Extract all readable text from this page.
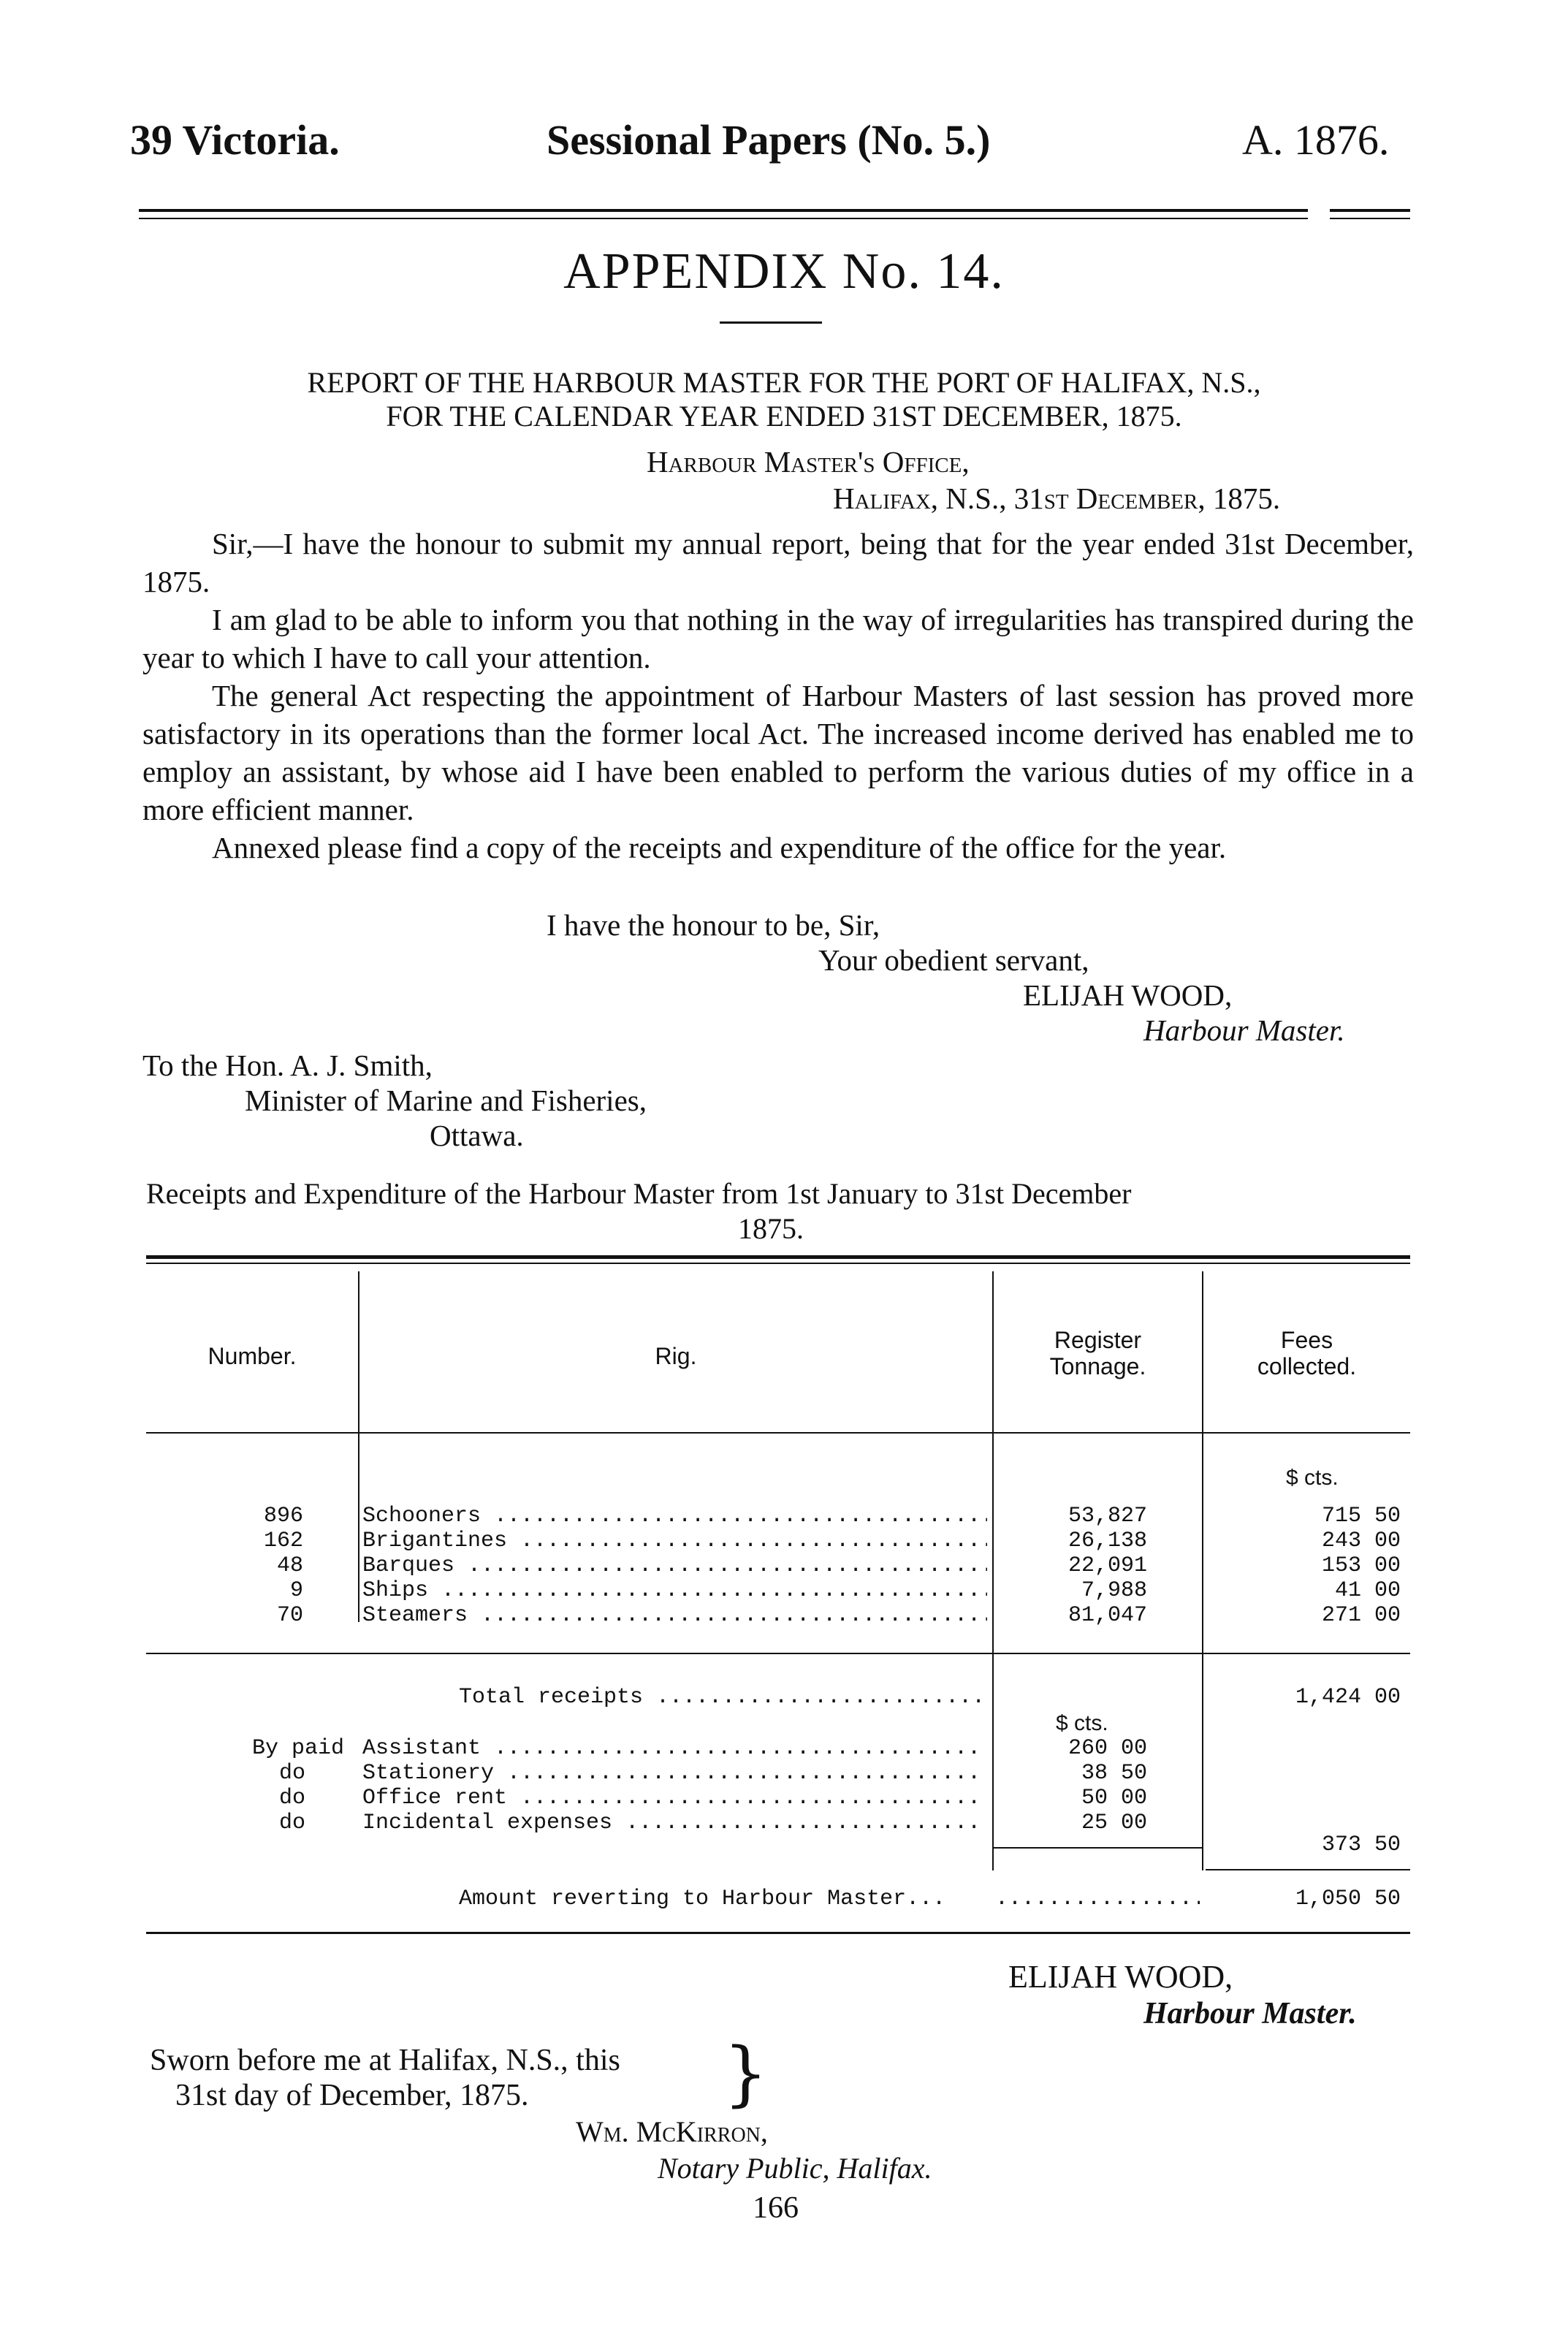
39 Victoria.	Sessional Papers (No. 5.)	A. 1876.
APPENDIX No. 14.
REPORT OF THE HARBOUR MASTER FOR THE PORT OF HALIFAX, N.S.,
FOR THE CALENDAR YEAR ENDED 31ST DECEMBER, 1875.
Harbour Master's Office,
Halifax, N.S., 31st December, 1875.
Sir,—I have the honour to submit my annual report, being that for the year ended 31st December, 1875.
I am glad to be able to inform you that nothing in the way of irregularities has transpired during the year to which I have to call your attention.
The general Act respecting the appointment of Harbour Masters of last session has proved more satisfactory in its operations than the former local Act. The increased income derived has enabled me to employ an assistant, by whose aid I have been enabled to perform the various duties of my office in a more efficient manner.
Annexed please find a copy of the receipts and expenditure of the office for the year.
I have the honour to be, Sir,
Your obedient servant,
ELIJAH WOOD,
Harbour Master.
To the Hon. A. J. Smith,
Minister of Marine and Fisheries,
Ottawa.
Receipts and Expenditure of the Harbour Master from 1st January to 31st December
1875.
Number.	Rig.
Register
Tonnage.
Fees
collected.
$ cts.
896	Schooners .....	53,827	715 50
162	Brigantines .....	26,138	243 00
48	Barques .....	22,091	153 00
9	Ships .....	7,988	41 00
70	Steamers .....	81,047	271 00
Total receipts .....	1,424 00
$ cts.
By paid Assistant .....	260 00
do	Stationery .....	38 50
do	Office rent .....	50 00
do	Incidental expenses .....	25 00
373 50
Amount reverting to Harbour Master...
.....	1,050 50
ELIJAH WOOD,
Harbour Master.
Sworn before me at Halifax, N.S., this
31st day of December, 1875.	}
Wm. McKirron,
Notary Public, Halifax.
166
